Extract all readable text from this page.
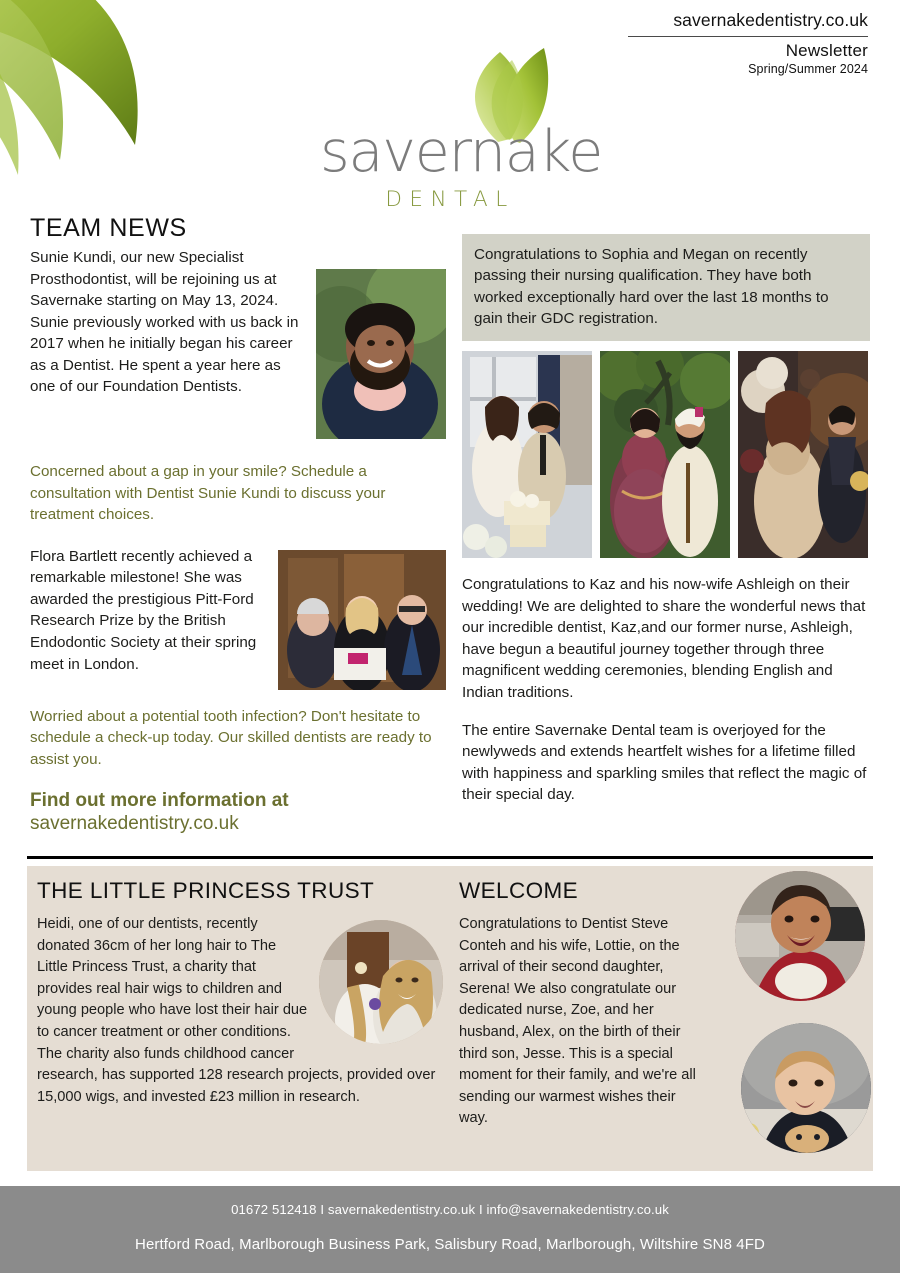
savernakedentistry.co.uk
Newsletter
Spring/Summer 2024
savernake
DENTAL
TEAM NEWS

Sunie Kundi, our new Specialist Prosthodontist, will be rejoining us at Savernake starting on May 13, 2024. Sunie previously worked with us back in 2017 when he initially began his career as a Dentist. He spent a year here as one of our Foundation Dentists.

Concerned about a gap in your smile? Schedule a consultation with Dentist Sunie Kundi to discuss your treatment choices.

Flora Bartlett recently achieved a remarkable milestone! She was awarded the prestigious Pitt-Ford Research Prize by the British Endodontic Society at their spring meet in London.

Worried about a potential tooth infection? Don't hesitate to schedule a check-up today. Our skilled dentists are ready to assist you.

Find out more information at
savernakedentistry.co.uk

Congratulations to Sophia and Megan on recently passing their nursing qualification. They have both worked exceptionally hard over the last 18 months to gain their GDC registration.

Congratulations to Kaz and his now-wife Ashleigh on their wedding! We are delighted to share the wonderful news that our incredible dentist, Kaz,and our former nurse, Ashleigh, have begun a beautiful journey together through three magnificent wedding ceremonies, blending English and Indian traditions.

The entire Savernake Dental team is overjoyed for the newlyweds and extends heartfelt wishes for a lifetime filled with happiness and sparkling smiles that reflect the magic of their special day.

THE LITTLE PRINCESS TRUST

Heidi, one of our dentists, recently donated 36cm of her long hair to The Little Princess Trust, a charity that provides real hair wigs to children and young people who have lost their hair due to cancer treatment or other conditions. The charity also funds childhood cancer research, has supported 128 research projects, provided over 15,000 wigs, and invested £23 million in research.

WELCOME

Congratulations to Dentist Steve Conteh and his wife, Lottie, on the arrival of their second daughter, Serena! We also congratulate our dedicated nurse, Zoe, and her husband, Alex, on the birth of their third son, Jesse. This is a special moment for their family, and we're all sending our warmest wishes their way.

01672 512418 I savernakedentistry.co.uk I info@savernakedentistry.co.uk
Hertford Road, Marlborough Business Park, Salisbury Road, Marlborough, Wiltshire SN8 4FD
